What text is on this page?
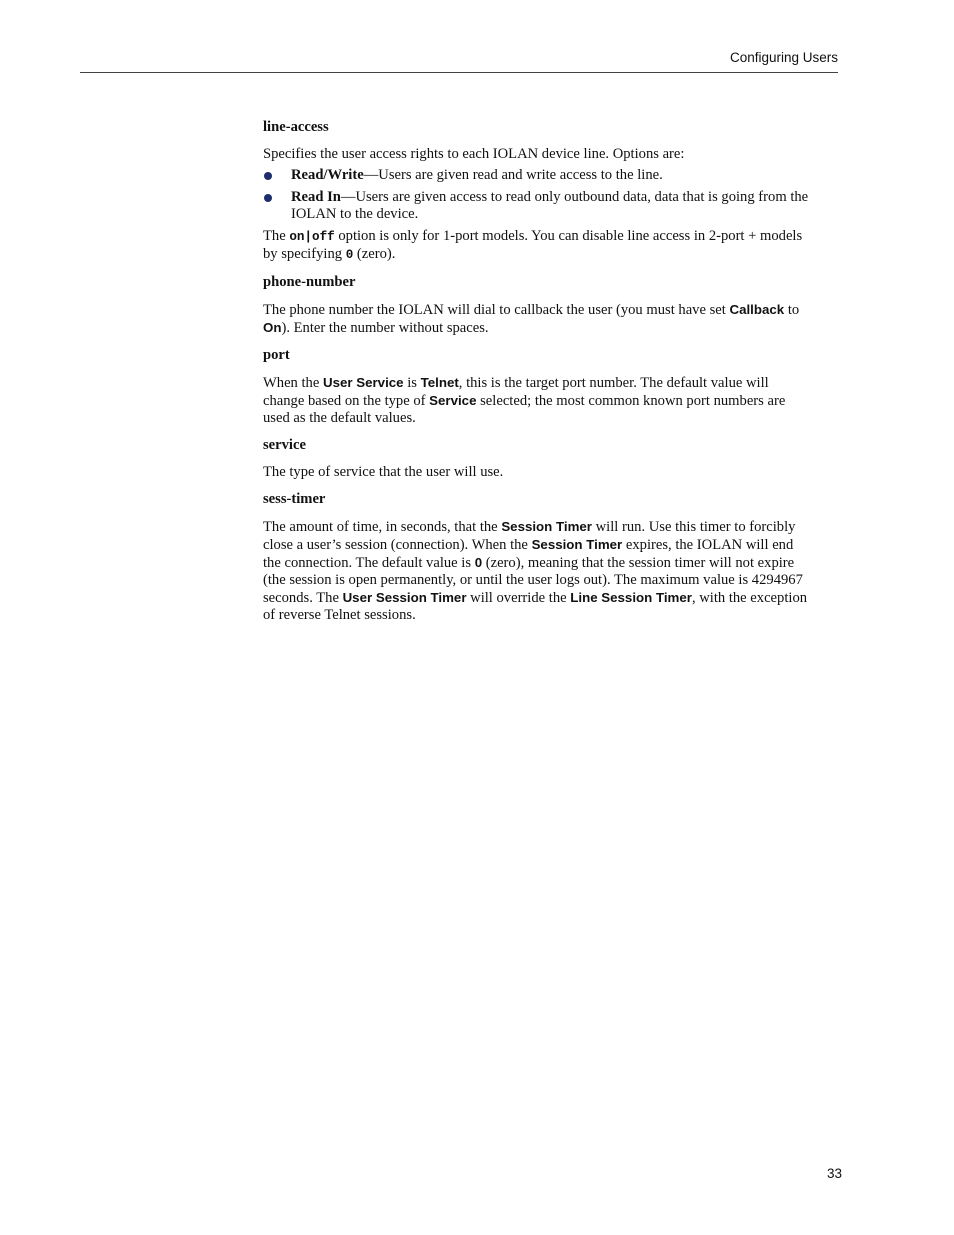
Configuring Users
line-access
Specifies the user access rights to each IOLAN device line. Options are:
Read/Write—Users are given read and write access to the line.
Read In—Users are given access to read only outbound data, data that is going from the IOLAN to the device.
The on|off option is only for 1-port models. You can disable line access in 2-port + models by specifying 0 (zero).
phone-number
The phone number the IOLAN will dial to callback the user (you must have set Callback to On). Enter the number without spaces.
port
When the User Service is Telnet, this is the target port number. The default value will change based on the type of Service selected; the most common known port numbers are used as the default values.
service
The type of service that the user will use.
sess-timer
The amount of time, in seconds, that the Session Timer will run. Use this timer to forcibly close a user’s session (connection). When the Session Timer expires, the IOLAN will end the connection. The default value is 0 (zero), meaning that the session timer will not expire (the session is open permanently, or until the user logs out). The maximum value is 4294967 seconds. The User Session Timer will override the Line Session Timer, with the exception of reverse Telnet sessions.
33
